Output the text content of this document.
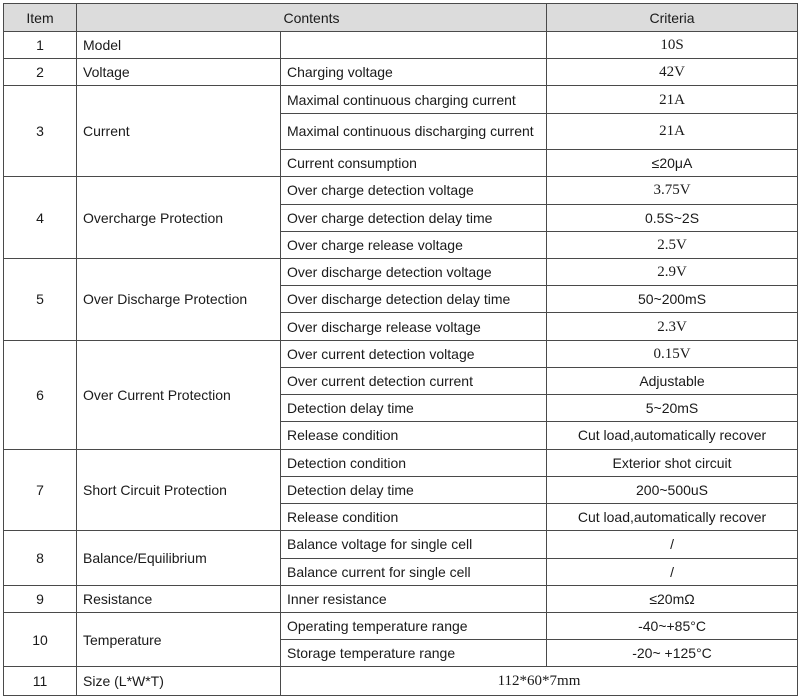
Item	Contents		Criteria
1	Model		10S
2	Voltage	Charging voltage	42V
3	Current	Maximal continuous charging current	21A
		Maximal continuous discharging current	21A
		Current consumption	≤20μA
4	Overcharge Protection	Over charge detection voltage	3.75V
		Over charge detection delay time	0.5S~2S
		Over charge release voltage	2.5V
5	Over Discharge Protection	Over discharge detection voltage	2.9V
		Over discharge detection delay time	50~200mS
		Over discharge release voltage	2.3V
6	Over Current Protection	Over current detection voltage	0.15V
		Over current detection current	Adjustable
		Detection delay time	5~20mS
		Release condition	Cut load,automatically recover
7	Short Circuit Protection	Detection condition	Exterior shot circuit
		Detection delay time	200~500uS
		Release condition	Cut load,automatically recover
8	Balance/Equilibrium	Balance voltage for single cell	/
		Balance current for single cell	/
9	Resistance	Inner resistance	≤20mΩ
10	Temperature	Operating temperature range	-40~+85°C
		Storage temperature range	-20~ +125°C
11	Size (L*W*T)	112*60*7mm	
